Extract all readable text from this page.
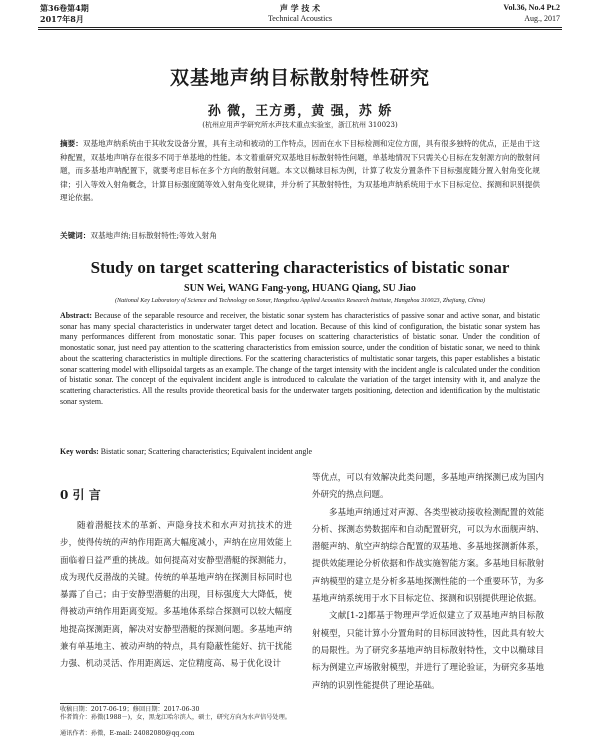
第36卷第4期
2017年8月
声 学 技 术
Technical Acoustics
Vol.36, No.4 Pt.2
Aug., 2017
双基地声纳目标散射特性研究
孙 微，王方勇，黄 强，苏 娇
(杭州应用声学研究所水声技术重点实验室，浙江杭州 310023)
摘要：双基地声纳系统由于其收发设备分置，具有主动和被动的工作特点，因而在水下目标检测和定位方面，具有很多独特的优点，正是由于这种配置，双基地声呐存在很多不同于单基地的性能。本文着重研究双基地目标散射特性问题，单基地情况下只需关心目标在发射源方向的散射问题，而多基地声呐配置下，就要考虑目标在多个方向的散射问题。本文以椭球目标为例，计算了收发分置条件下目标强度随分置入射角变化规律；引入等效入射角概念，计算目标强度随等效入射角变化规律，并分析了其散射特性，为双基地声纳系统用于水下目标定位、探测和识别提供理论依据。
关键词：双基地声纳;目标散射特性;等效入射角
Study on target scattering characteristics of bistatic sonar
SUN Wei, WANG Fang-yong, HUANG Qiang, SU Jiao
(National Key Laboratory of Science and Technology on Sonar, Hangzhou Applied Acoustics Research Institute, Hangzhou 310023, Zhejiang, China)
Abstract: Because of the separable resource and receiver, the bistatic sonar system has characteristics of passive sonar and active sonar, and bistatic sonar has many special characteristics in underwater target detect and location. Because of this kind of configuration, the bistatic sonar system has many performances different from monostatic sonar. This paper focuses on scattering characteristics of bistatic sonar. Under the condition of monostatic sonar, just need pay attention to the scattering characteristics from emission source, under the condition of bistatic sonar, we need to think about the scattering characteristics in multiple directions. For the scattering characteristics of multistatic sonar targets, this paper establishes a bistatic sonar scattering model with ellipsoidal targets as an example. The change of the target intensity with the incident angle is calculated under the condition of bistatic sonar. The concept of the equivalent incident angle is introduced to calculate the variation of the target intensity with it, and analyze the scattering characteristics. All the results provide theoretical basis for the underwater targets positioning, detection and identification by the multistatic sonar system.
Key words: Bistatic sonar; Scattering characteristics; Equivalent incident angle
0 引 言
随着潜艇技术的革新、声隐身技术和水声对抗技术的进步，使得传统的声纳作用距离大幅度减小，声纳在应用效能上面临着日益严重的挑战。如何提高对安静型潜艇的探测能力，成为现代反潜战的关键。传统的单基地声纳在探测目标同时也暴露了自己；由于安静型潜艇的出现，目标强度大大降低，使得被动声纳作用距离变短。多基地体系综合探测可以较大幅度地提高探测距离，解决对安静型潜艇的探测问题。多基地声纳兼有单基地主、被动声纳的特点，具有隐蔽性能好、抗干扰能力强、机动灵活、作用距离远、定位精度高、易于优化设计

等优点，可以有效解决此类问题，多基地声纳探测已成为国内外研究的热点问题。

多基地声纳通过对声源、各类型被动接收检测配置的效能分析、探测态势数据库和自动配置研究，可以为水面舰声纳、潜艇声纳、航空声纳综合配置的双基地、多基地探测新体系，提供效能理论分析依据和作战实施智能方案。多基地目标散射声纳模型的建立是分析多基地探测性能的一个重要环节，为多基地声纳系统用于水下目标定位、探测和识别提供理论依据。

文献[1-2]都基于物理声学近似建立了双基地声纳目标散射模型，只能计算小分置角时的目标回波特性，因此具有较大的局限性。为了研究多基地声纳目标散射特性，文中以椭球目标为例建立声场散射模型，并进行了理论验证，为研究多基地声纳的识别性能提供了理论基础。

收稿日期：2017-06-19；修回日期：2017-06-30
作者简介：孙微(1988－)，女，黑龙江哈尔滨人，硕士，研究方向为水声信号处理。
通讯作者：孙微，E-mail: 24082080@qq.com
